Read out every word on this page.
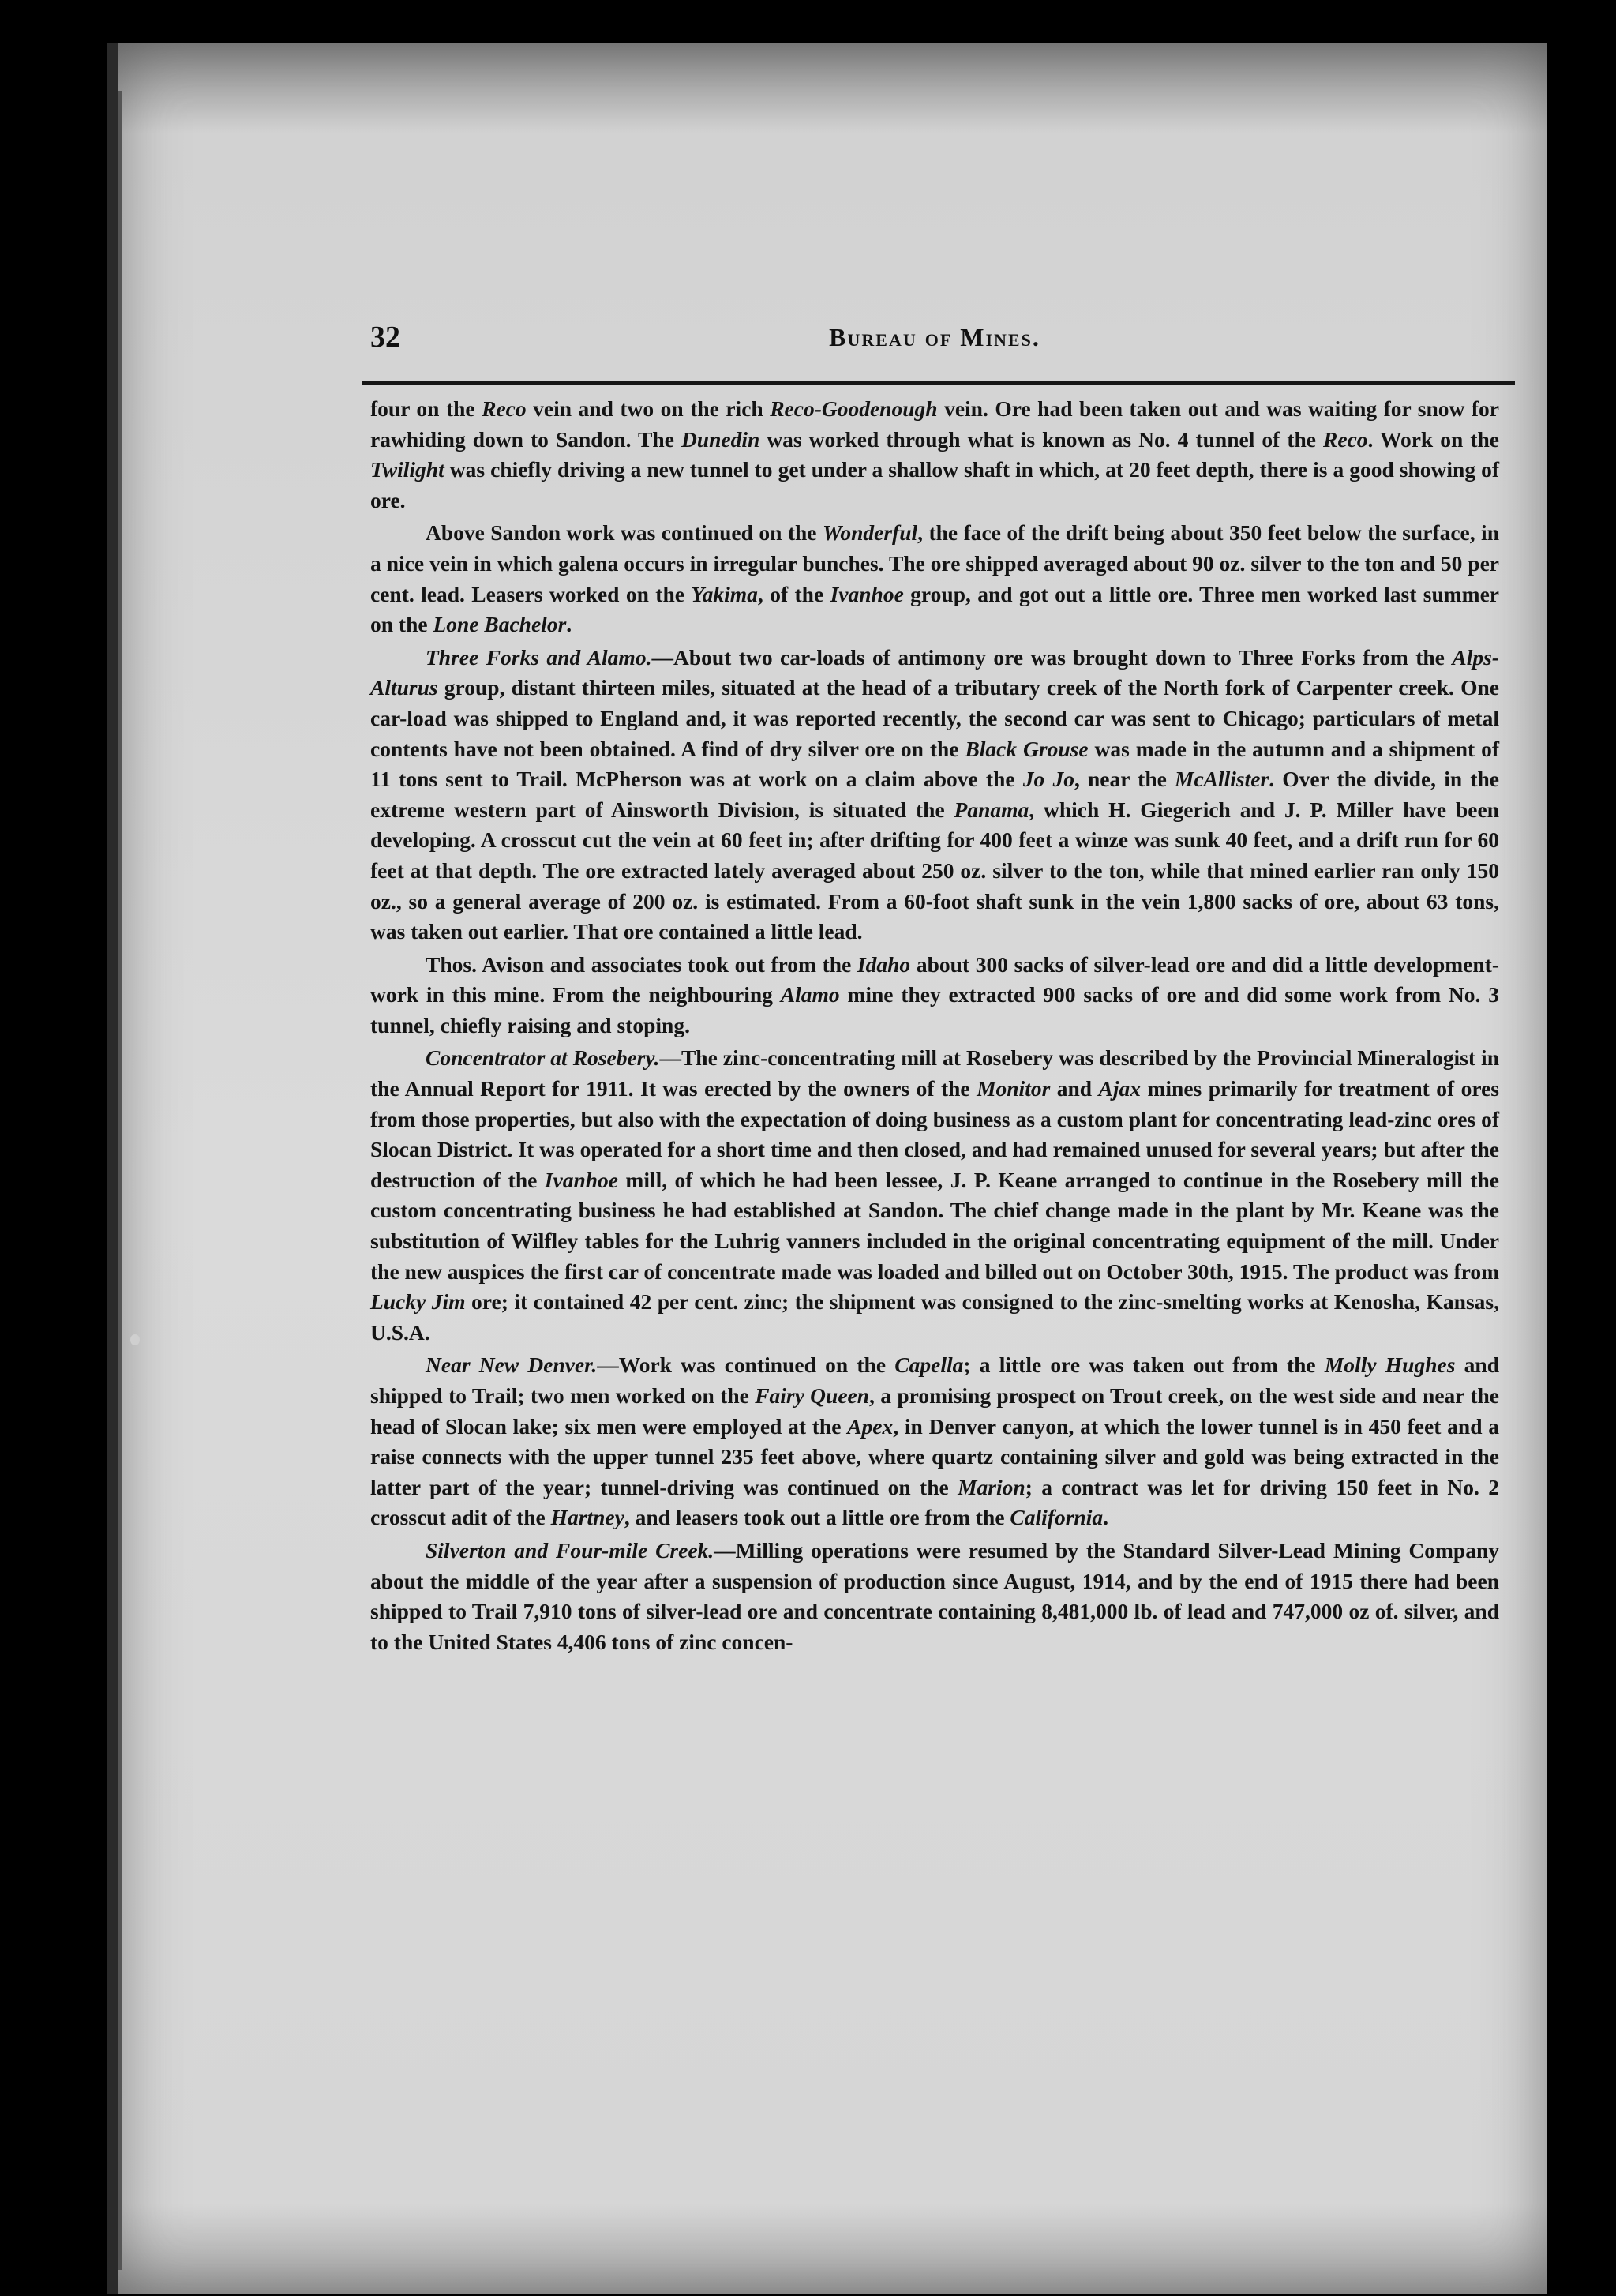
32	Bureau of Mines.

four on the Reco vein and two on the rich Reco-Goodenough vein. Ore had been taken out and was waiting for snow for rawhiding down to Sandon. The Dunedin was worked through what is known as No. 4 tunnel of the Reco. Work on the Twilight was chiefly driving a new tunnel to get under a shallow shaft in which, at 20 feet depth, there is a good showing of ore.

Above Sandon work was continued on the Wonderful, the face of the drift being about 350 feet below the surface, in a nice vein in which galena occurs in irregular bunches. The ore shipped averaged about 90 oz. silver to the ton and 50 per cent. lead. Leasers worked on the Yakima, of the Ivanhoe group, and got out a little ore. Three men worked last summer on the Lone Bachelor.

Three Forks and Alamo.—About two car-loads of antimony ore was brought down to Three Forks from the Alps-Alturus group, distant thirteen miles, situated at the head of a tributary creek of the North fork of Carpenter creek. One car-load was shipped to England and, it was reported recently, the second car was sent to Chicago; particulars of metal contents have not been obtained. A find of dry silver ore on the Black Grouse was made in the autumn and a shipment of 11 tons sent to Trail. McPherson was at work on a claim above the Jo Jo, near the McAllister. Over the divide, in the extreme western part of Ainsworth Division, is situated the Panama, which H. Giegerich and J. P. Miller have been developing. A crosscut cut the vein at 60 feet in; after drifting for 400 feet a winze was sunk 40 feet, and a drift run for 60 feet at that depth. The ore extracted lately averaged about 250 oz. silver to the ton, while that mined earlier ran only 150 oz., so a general average of 200 oz. is estimated. From a 60-foot shaft sunk in the vein 1,800 sacks of ore, about 63 tons, was taken out earlier. That ore contained a little lead.

Thos. Avison and associates took out from the Idaho about 300 sacks of silver-lead ore and did a little development-work in this mine. From the neighbouring Alamo mine they extracted 900 sacks of ore and did some work from No. 3 tunnel, chiefly raising and stoping.

Concentrator at Rosebery.—The zinc-concentrating mill at Rosebery was described by the Provincial Mineralogist in the Annual Report for 1911. It was erected by the owners of the Monitor and Ajax mines primarily for treatment of ores from those properties, but also with the expectation of doing business as a custom plant for concentrating lead-zinc ores of Slocan District. It was operated for a short time and then closed, and had remained unused for several years; but after the destruction of the Ivanhoe mill, of which he had been lessee, J. P. Keane arranged to continue in the Rosebery mill the custom concentrating business he had established at Sandon. The chief change made in the plant by Mr. Keane was the substitution of Wilfley tables for the Luhrig vanners included in the original concentrating equipment of the mill. Under the new auspices the first car of concentrate made was loaded and billed out on October 30th, 1915. The product was from Lucky Jim ore; it contained 42 per cent. zinc; the shipment was consigned to the zinc-smelting works at Kenosha, Kansas, U.S.A.

Near New Denver.—Work was continued on the Capella; a little ore was taken out from the Molly Hughes and shipped to Trail; two men worked on the Fairy Queen, a promising prospect on Trout creek, on the west side and near the head of Slocan lake; six men were employed at the Apex, in Denver canyon, at which the lower tunnel is in 450 feet and a raise connects with the upper tunnel 235 feet above, where quartz containing silver and gold was being extracted in the latter part of the year; tunnel-driving was continued on the Marion; a contract was let for driving 150 feet in No. 2 crosscut adit of the Hartney, and leasers took out a little ore from the California.

Silverton and Four-mile Creek.—Milling operations were resumed by the Standard Silver-Lead Mining Company about the middle of the year after a suspension of production since August, 1914, and by the end of 1915 there had been shipped to Trail 7,910 tons of silver-lead ore and concentrate containing 8,481,000 lb. of lead and 747,000 oz of. silver, and to the United States 4,406 tons of zinc concen-
